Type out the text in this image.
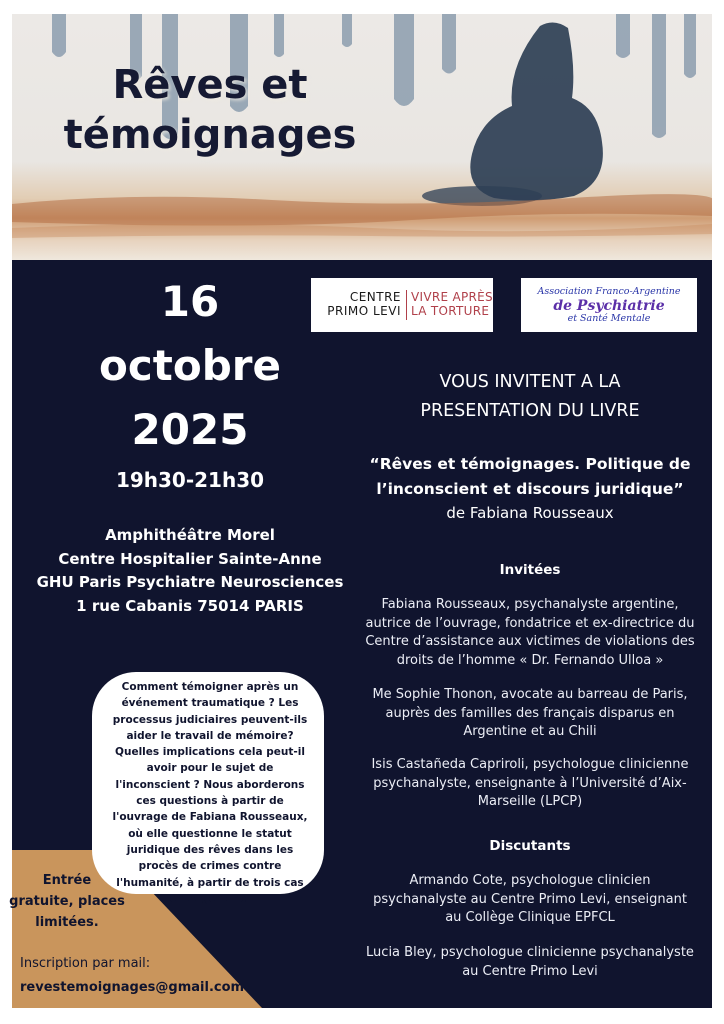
Rêves et
témoignages
16
octobre
2025
19h30-21h30
Amphithéâtre Morel
Centre Hospitalier Sainte-Anne
GHU Paris Psychiatre Neurosciences
1 rue Cabanis 75014 PARIS
CENTRE
PRIMO LEVI
VIVRE APRÈS
LA TORTURE
Association Franco-Argentine
de Psychiatrie
et Santé Mentale
VOUS INVITENT A LA
PRESENTATION DU LIVRE
“Rêves et témoignages. Politique de
l’inconscient et discours juridique”
de Fabiana Rousseaux
Invitées
Fabiana Rousseaux, psychanalyste argentine, autrice de l’ouvrage, fondatrice et ex-directrice du Centre d’assistance aux victimes de violations des droits de l’homme « Dr. Fernando Ulloa »
Me Sophie Thonon, avocate au barreau de Paris, auprès des familles des français disparus en Argentine et au Chili
Isis Castañeda Capriroli, psychologue clinicienne psychanalyste, enseignante à l’Université d’Aix-Marseille (LPCP)
Discutants
Armando Cote, psychologue clinicien psychanalyste au Centre Primo Levi, enseignant au Collège Clinique EPFCL
Lucia Bley, psychologue clinicienne psychanalyste au Centre Primo Levi
Comment témoigner après un événement traumatique ? Les processus judiciaires peuvent-ils aider le travail de mémoire? Quelles implications cela peut-il avoir pour le sujet de l'inconscient ? Nous aborderons ces questions à partir de l'ouvrage de Fabiana Rousseaux, où elle questionne le statut juridique des rêves dans les procès de crimes contre l'humanité, à partir de trois cas en Argentine.
Entrée
gratuite, places
limitées.
Inscription par mail:
revestemoignages@gmail.com
